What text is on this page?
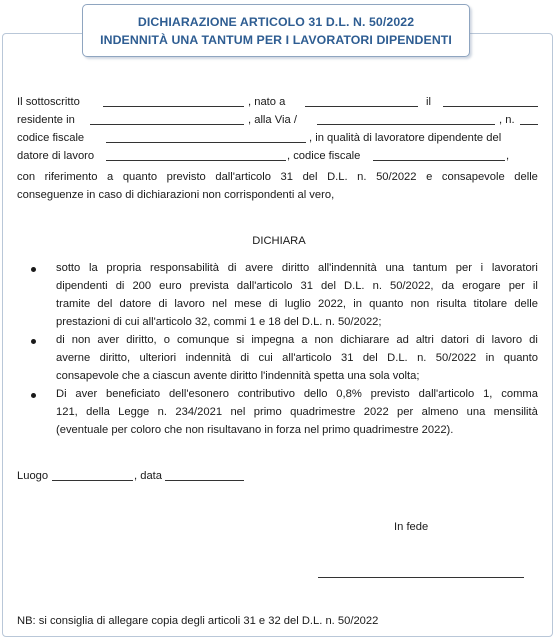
DICHIARAZIONE ARTICOLO 31 D.L. N. 50/2022
INDENNITÀ UNA TANTUM PER I LAVORATORI DIPENDENTI
Il sottoscritto	, nato a	il
residente in	, alla Via /	, n.
codice fiscale	, in qualità di lavoratore dipendente del
datore di lavoro	, codice fiscale	,
con riferimento a quanto previsto dall'articolo 31 del D.L. n. 50/2022 e consapevole delle
conseguenze in caso di dichiarazioni non corrispondenti al vero,
DICHIARA
sotto la propria responsabilità di avere diritto all'indennità una tantum per i lavoratori
dipendenti di 200 euro prevista dall'articolo 31 del D.L. n. 50/2022, da erogare per il
tramite del datore di lavoro nel mese di luglio 2022, in quanto non risulta titolare delle
prestazioni di cui all'articolo 32, commi 1 e 18 del D.L. n. 50/2022;
di non aver diritto, o comunque si impegna a non dichiarare ad altri datori di lavoro di
averne diritto, ulteriori indennità di cui all'articolo 31 del D.L. n. 50/2022 in quanto
consapevole che a ciascun avente diritto l'indennità spetta una sola volta;
Di aver beneficiato dell'esonero contributivo dello 0,8% previsto dall'articolo 1, comma
121, della Legge n. 234/2021 nel primo quadrimestre 2022 per almeno una mensilità
(eventuale per coloro che non risultavano in forza nel primo quadrimestre 2022).
Luogo	, data
In fede
NB: si consiglia di allegare copia degli articoli 31 e 32 del D.L. n. 50/2022
